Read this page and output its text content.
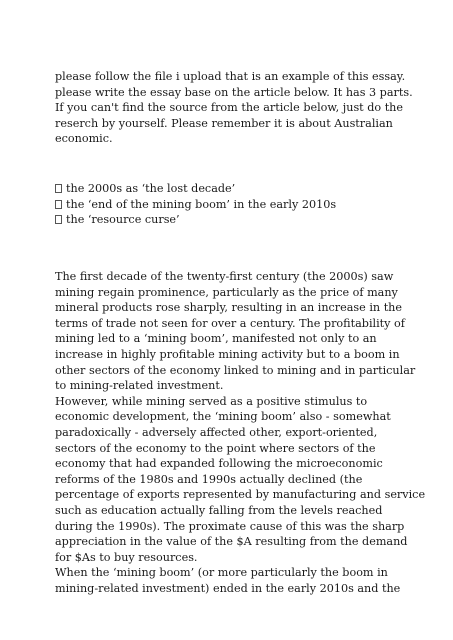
please follow the file i upload that is an example of this essay.
please write the essay base on the article below. It has 3 parts.
If you can't find the source from the article below, just do the
reserch by yourself. Please remember it is about Australian
economic.
the 2000s as ‘the lost decade’
the ‘end of the mining boom’ in the early 2010s
the ‘resource curse’
The first decade of the twenty-first century (the 2000s) saw
mining regain prominence, particularly as the price of many
mineral products rose sharply, resulting in an increase in the
terms of trade not seen for over a century. The profitability of
mining led to a ‘mining boom’, manifested not only to an
increase in highly profitable mining activity but to a boom in
other sectors of the economy linked to mining and in particular
to mining-related investment.
However, while mining served as a positive stimulus to
economic development, the ‘mining boom’ also - somewhat
paradoxically - adversely affected other, export-oriented,
sectors of the economy to the point where sectors of the
economy that had expanded following the microeconomic
reforms of the 1980s and 1990s actually declined (the
percentage of exports represented by manufacturing and service
such as education actually falling from the levels reached
during the 1990s). The proximate cause of this was the sharp
appreciation in the value of the $A resulting from the demand
for $As to buy resources.
When the ‘mining boom’ (or more particularly the boom in
mining-related investment) ended in the early 2010s and the
